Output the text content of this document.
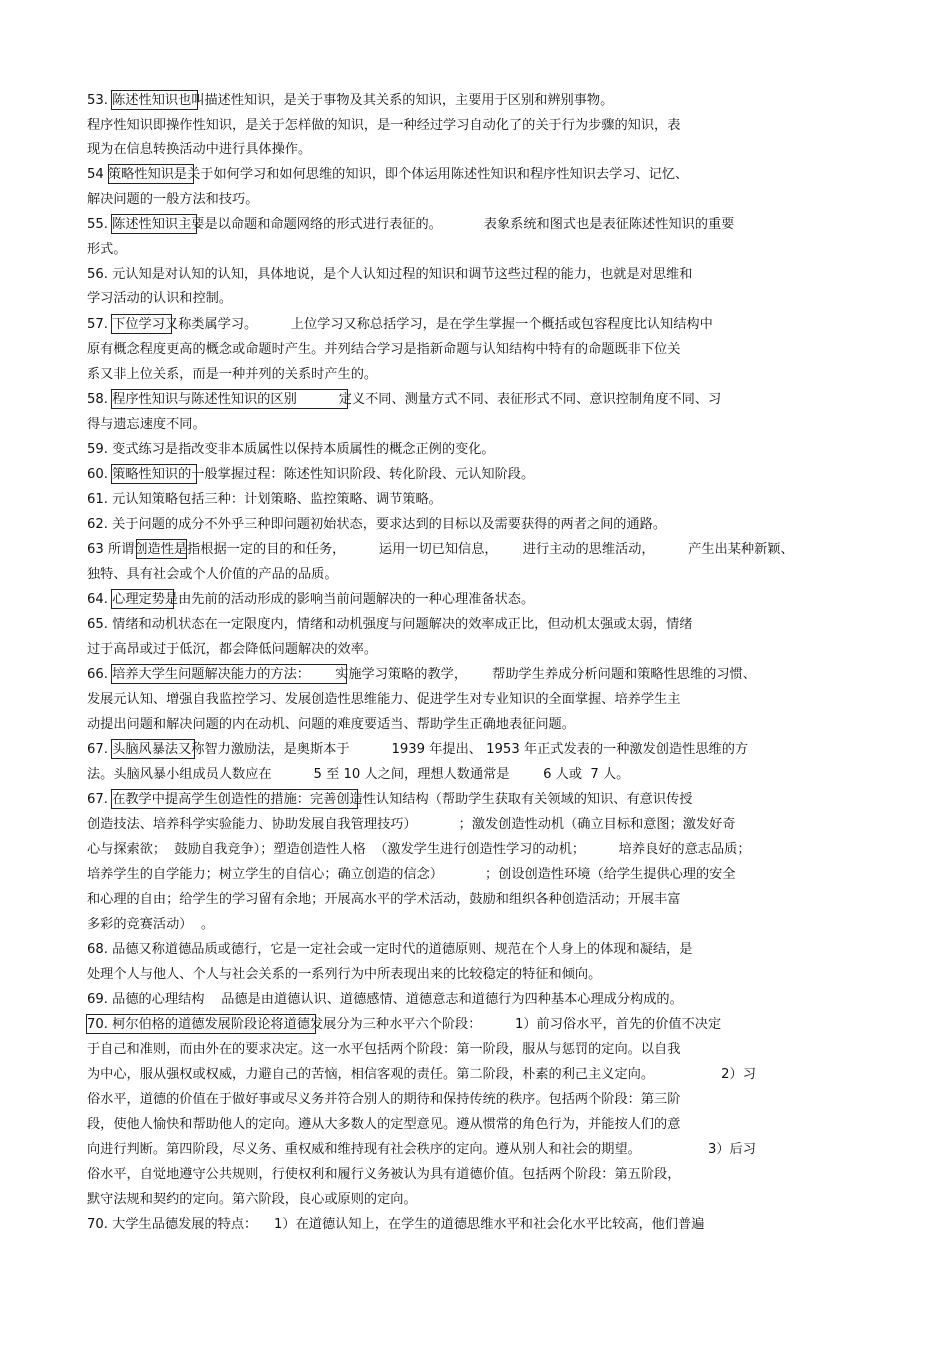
53. 陈述性知识也叫描述性知识，是关于事物及其关系的知识，主要用于区别和辨别事物。
程序性知识即操作性知识，是关于怎样做的知识，是一种经过学习自动化了的关于行为步骤的知识，表
现为在信息转换活动中进行具体操作。
54 策略性知识是关于如何学习和如何思维的知识，即个体运用陈述性知识和程序性知识去学习、记忆、
解决问题的一般方法和技巧。
55. 陈述性知识主要是以命题和命题网络的形式进行表征的。          表象系统和图式也是表征陈述性知识的重要
形式。
56. 元认知是对认知的认知，具体地说，是个人认知过程的知识和调节这些过程的能力，也就是对思维和
学习活动的认识和控制。
57. 下位学习又称类属学习。        上位学习又称总括学习，是在学生掌握一个概括或包容程度比认知结构中
原有概念程度更高的概念或命题时产生。并列结合学习是指新命题与认知结构中特有的命题既非下位关
系又非上位关系，而是一种并列的关系时产生的。
58. 程序性知识与陈述性知识的区别          定义不同、测量方式不同、表征形式不同、意识控制角度不同、习
得与遗忘速度不同。
59. 变式练习是指改变非本质属性以保持本质属性的概念正例的变化。
60. 策略性知识的一般掌握过程：陈述性知识阶段、转化阶段、元认知阶段。
61. 元认知策略包括三种：计划策略、监控策略、调节策略。
62. 关于问题的成分不外乎三种即问题初始状态，要求达到的目标以及需要获得的两者之间的通路。
63 所谓创造性是指根据一定的目的和任务，        运用一切已知信息，      进行主动的思维活动，        产生出某种新颖、
独特、具有社会或个人价值的产品的品质。
64. 心理定势是由先前的活动形成的影响当前问题解决的一种心理准备状态。
65. 情绪和动机状态在一定限度内，情绪和动机强度与问题解决的效率成正比，但动机太强或太弱，情绪
过于高昂或过于低沉，都会降低问题解决的效率。
66. 培养大学生问题解决能力的方法：      实施学习策略的教学，      帮助学生养成分析问题和策略性思维的习惯、
发展元认知、增强自我监控学习、发展创造性思维能力、促进学生对专业知识的全面掌握、培养学生主
动提出问题和解决问题的内在动机、问题的难度要适当、帮助学生正确地表征问题。
67. 头脑风暴法又称智力激励法，是奥斯本于          1939 年提出、 1953 年正式发表的一种激发创造性思维的方
法。头脑风暴小组成员人数应在          5 至 10 人之间，理想人数通常是        6 人或  7 人。
67. 在教学中提高学生创造性的措施：完善创造性认知结构（帮助学生获取有关领域的知识、有意识传授
创造技法、培养科学实验能力、协助发展自我管理技巧）          ；激发创造性动机（确立目标和意图；激发好奇
心与探索欲；  鼓励自我竞争）；塑造创造性人格  （激发学生进行创造性学习的动机；        培养良好的意志品质；
培养学生的自学能力；树立学生的自信心；确立创造的信念）          ；创设创造性环境（给学生提供心理的安全
和心理的自由；给学生的学习留有余地；开展高水平的学术活动，鼓励和组织各种创造活动；开展丰富
多彩的竞赛活动）  。
68. 品德又称道德品质或德行，它是一定社会或一定时代的道德原则、规范在个人身上的体现和凝结，是
处理个人与他人、个人与社会关系的一系列行为中所表现出来的比较稳定的特征和倾向。
69. 品德的心理结构    品德是由道德认识、道德感情、道德意志和道德行为四种基本心理成分构成的。
70. 柯尔伯格的道德发展阶段论将道德发展分为三种水平六个阶段：        1）前习俗水平，首先的价值不决定
于自己和准则，而由外在的要求决定。这一水平包括两个阶段：第一阶段，服从与惩罚的定向。以自我
为中心，服从强权或权威，力避自己的苦恼，相信客观的责任。第二阶段，朴素的利己主义定向。                2）习
俗水平，道德的价值在于做好事或尽义务并符合别人的期待和保持传统的秩序。包括两个阶段：第三阶
段，使他人愉快和帮助他人的定向。遵从大多数人的定型意见。遵从惯常的角色行为，并能按人们的意
向进行判断。第四阶段，尽义务、重权威和维持现有社会秩序的定向。遵从别人和社会的期望。                3）后习
俗水平，自觉地遵守公共规则，行使权利和履行义务被认为具有道德价值。包括两个阶段：第五阶段，
默守法规和契约的定向。第六阶段，良心或原则的定向。
70. 大学生品德发展的特点：    1）在道德认知上，在学生的道德思维水平和社会化水平比较高，他们普遍
